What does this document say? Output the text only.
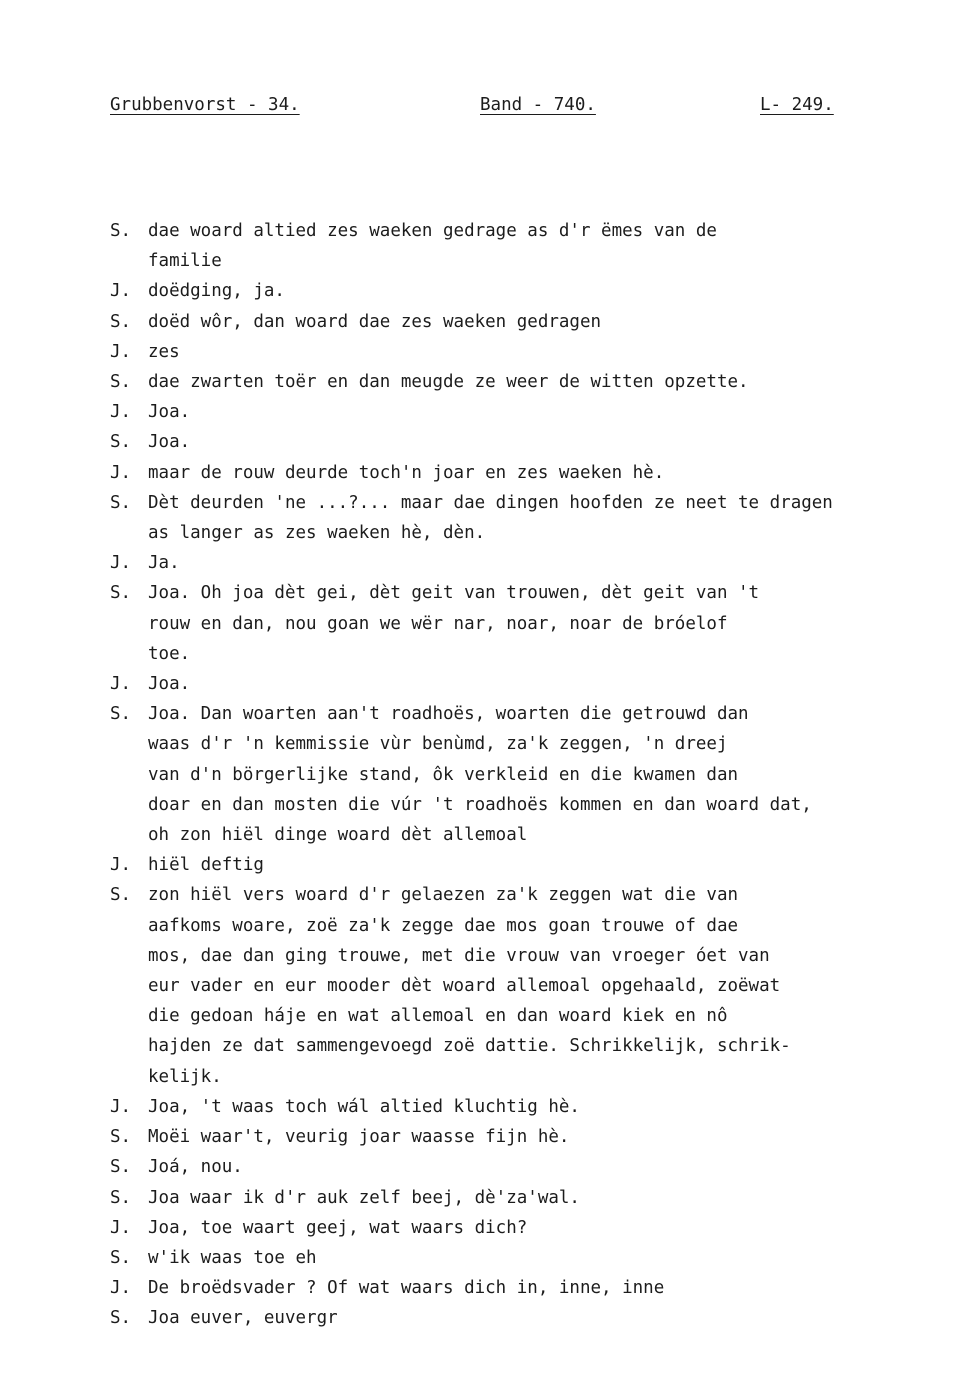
Grubbenvorst - 34.	Band - 740.	L- 249.
S. dae woard altied zes waeken gedrage as d'r ëmes van de
familie
J. doëdging, ja.
S. doëd wôr, dan woard dae zes waeken gedragen
J. zes
S. dae zwarten toër en dan meugde ze weer de witten opzette.
J. Joa.
S. Joa.
J. maar de rouw deurde toch'n joar en zes waeken hè.
S. Dèt deurden 'ne ...?... maar dae dingen hoofden ze neet te dragen
as langer as zes waeken hè, dèn.
J. Ja.
S. Joa. Oh joa dèt gei, dèt geit van trouwen, dèt geit van 't
rouw en dan, nou goan we wër nar, noar, noar de bróelof
toe.
J. Joa.
S. Joa. Dan woarten aan't roadhoës, woarten die getrouwd dan
waas d'r 'n kemmissie vùr benùmd, za'k zeggen, 'n dreej
van d'n börgerlijke stand, ôk verkleid en die kwamen dan
doar en dan mosten die vúr 't roadhoës kommen en dan woard dat,
oh zon hiël dinge woard dèt allemoal
J. hiël deftig
S. zon hiël vers woard d'r gelaezen za'k zeggen wat die van
aafkoms woare, zoë za'k zegge dae mos goan trouwe of dae
mos, dae dan ging trouwe, met die vrouw van vroeger óet van
eur vader en eur mooder dèt woard allemoal opgehaald, zoëwat
die gedoan háje en wat allemoal en dan woard kiek en nô
hajden ze dat sammengevoegd zoë dattie. Schrikkelijk, schrik-
kelijk.
J. Joa, 't waas toch wál altied kluchtig hè.
S. Moëi waar't, veurig joar waasse fijn hè.
S. Joá, nou.
S. Joa waar ik d'r auk zelf beej, dè'za'wal.
J. Joa, toe waart geej, wat waars dich?
S. w'ik waas toe eh
J. De broëdsvader ? Of wat waars dich in, inne, inne
S. Joa euver, euvergr
